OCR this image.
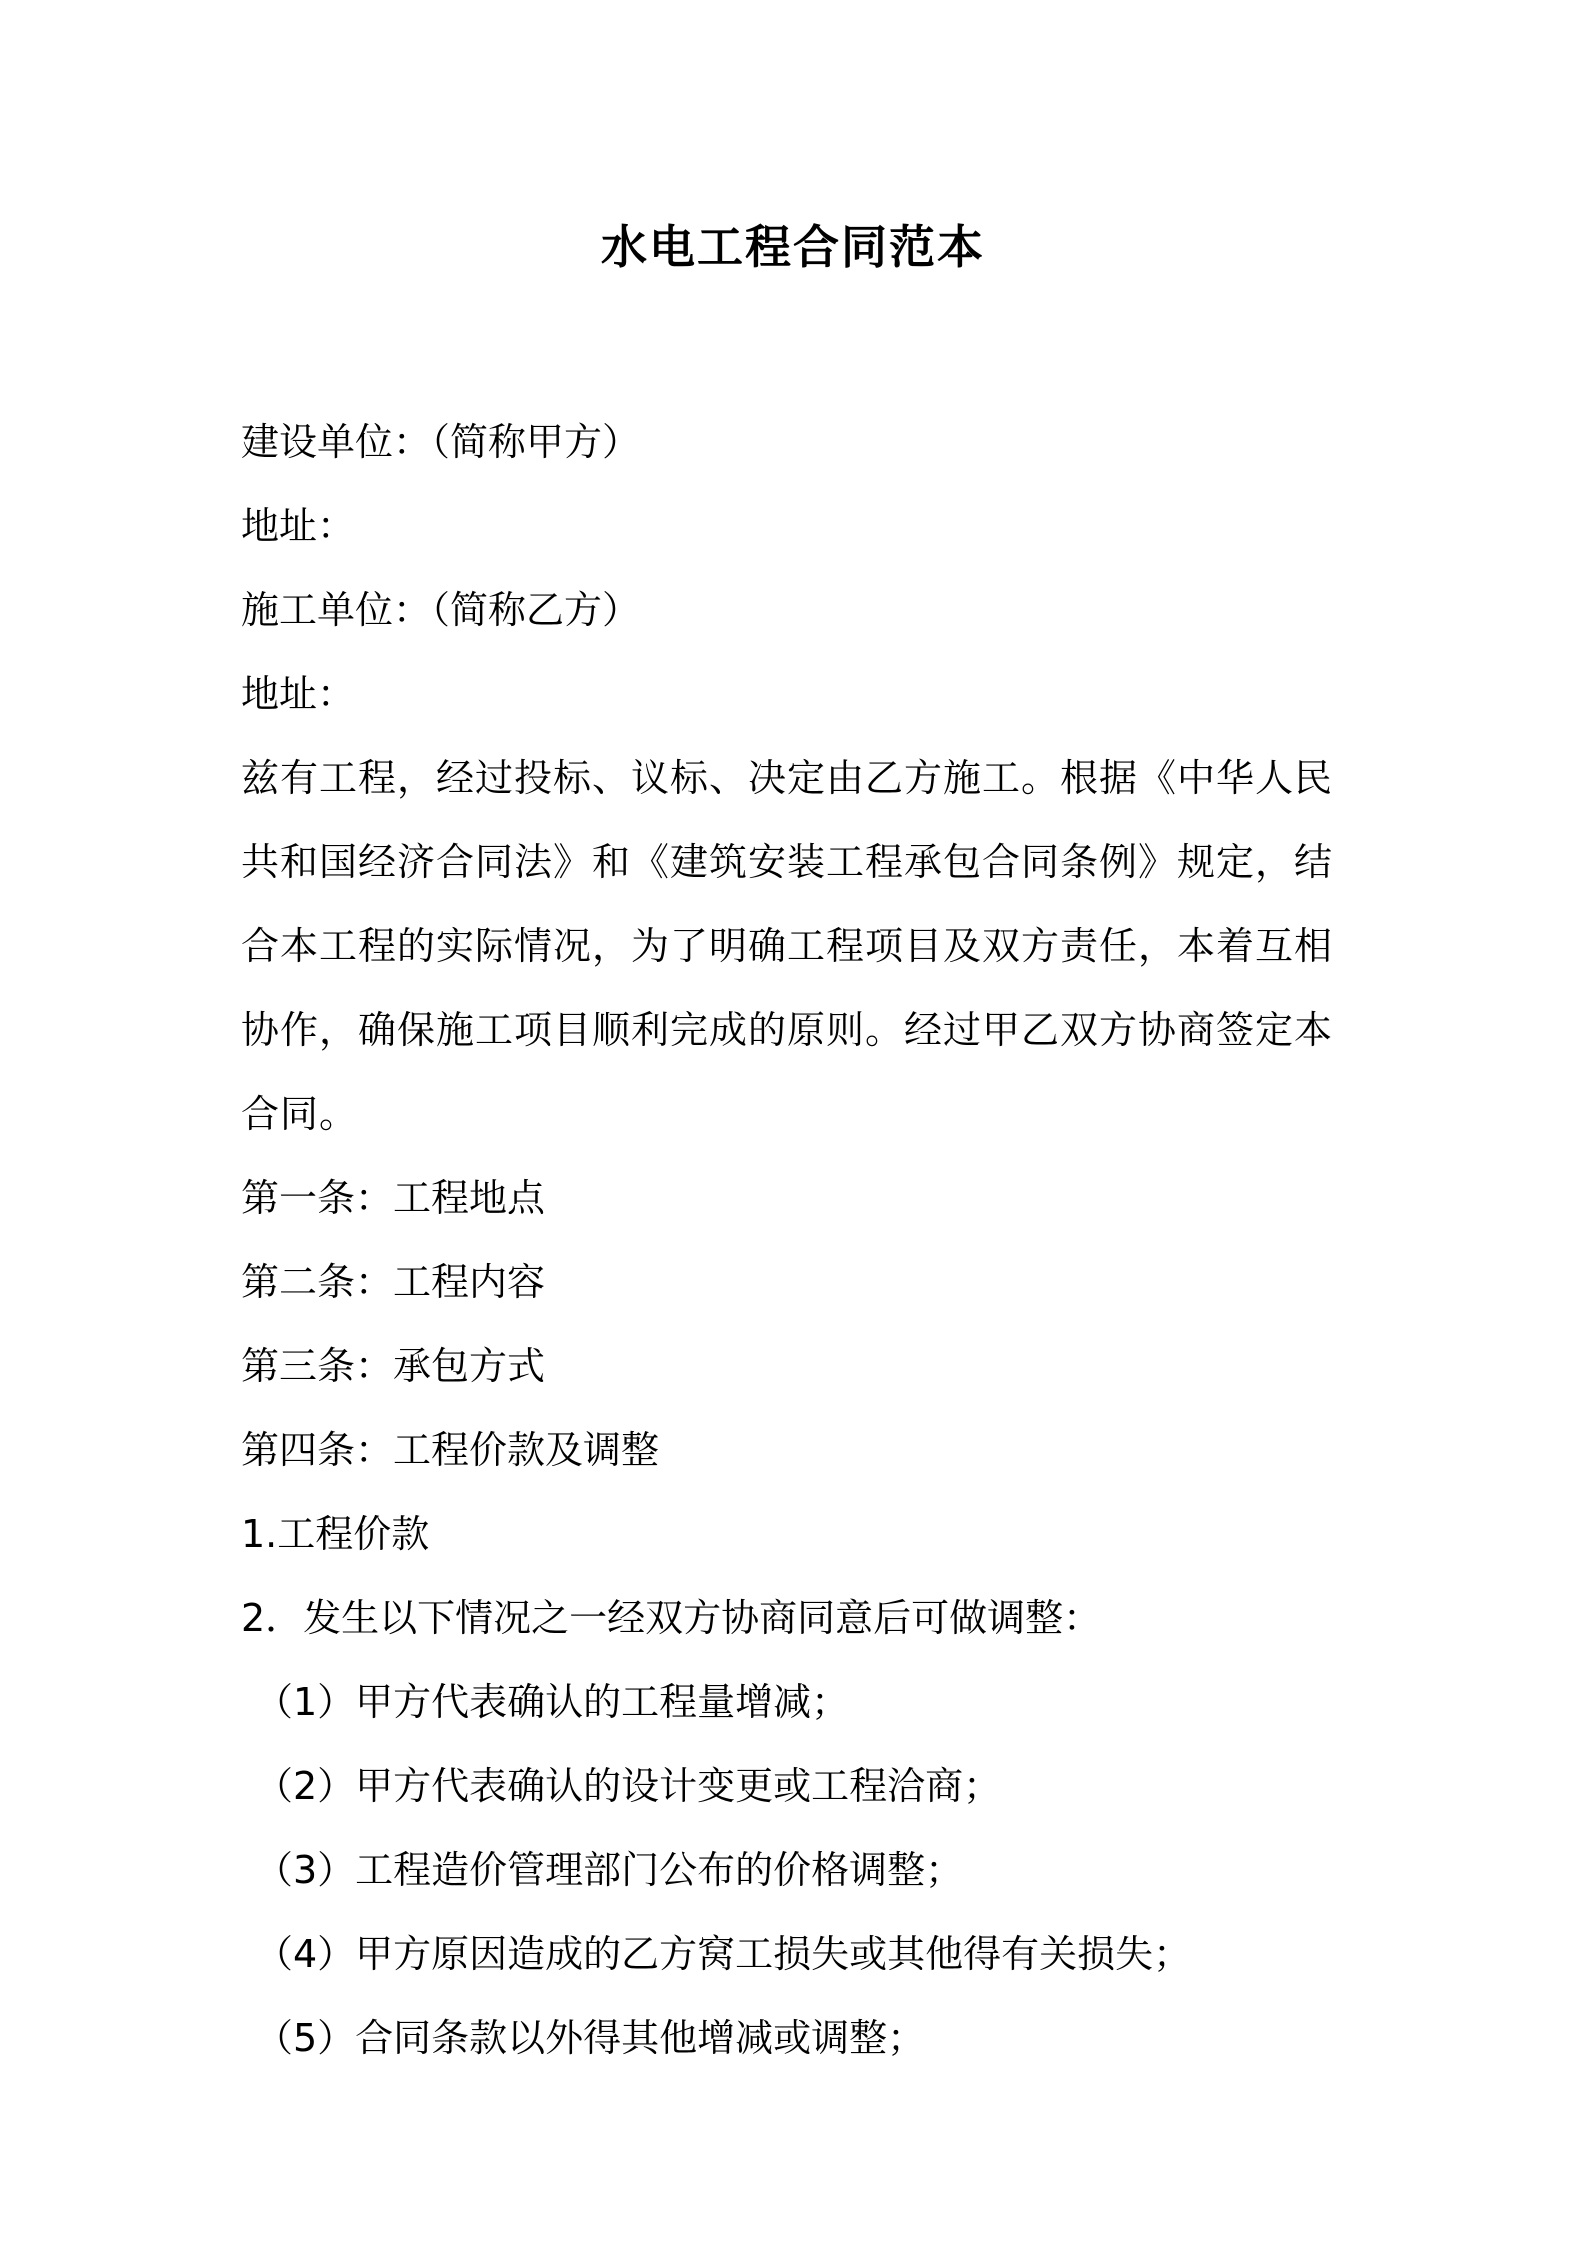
水电工程合同范本
建设单位：（简称甲方）
地址：
施工单位：（简称乙方）
地址：
兹有工程，经过投标、议标、决定由乙方施工。根据《中华人民共和国经济合同法》和《建筑安装工程承包合同条例》规定，结合本工程的实际情况，为了明确工程项目及双方责任，本着互相协作，确保施工项目顺利完成的原则。经过甲乙双方协商签定本合同。
第一条：工程地点
第二条：工程内容
第三条：承包方式
第四条：工程价款及调整
1.工程价款
2．发生以下情况之一经双方协商同意后可做调整：
（1）甲方代表确认的工程量增减；
（2）甲方代表确认的设计变更或工程洽商；
（3）工程造价管理部门公布的价格调整；
（4）甲方原因造成的乙方窝工损失或其他得有关损失；
（5）合同条款以外得其他增减或调整；
